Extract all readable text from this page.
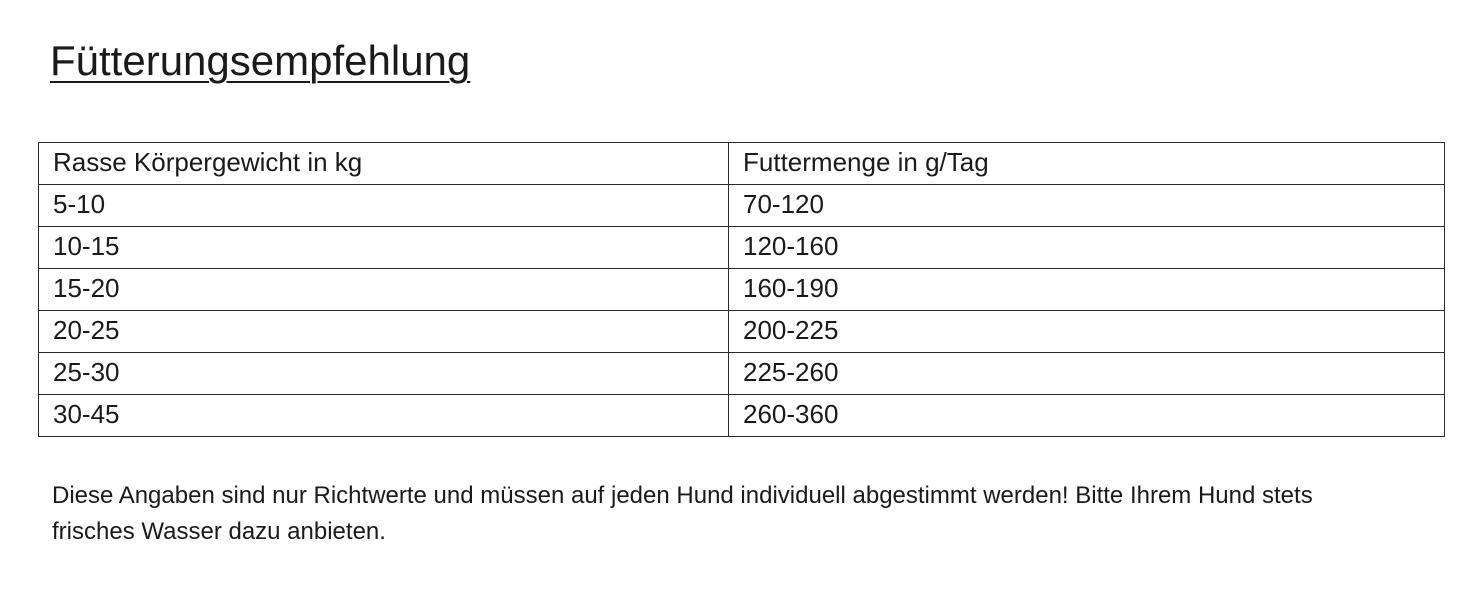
Fütterungsempfehlung
Rasse Körpergewicht in kg	Futtermenge in g/Tag
5-10	70-120
10-15	120-160
15-20	160-190
20-25	200-225
25-30	225-260
30-45	260-360
Diese Angaben sind nur Richtwerte und müssen auf jeden Hund individuell abgestimmt werden! Bitte Ihrem Hund stets frisches Wasser dazu anbieten.
